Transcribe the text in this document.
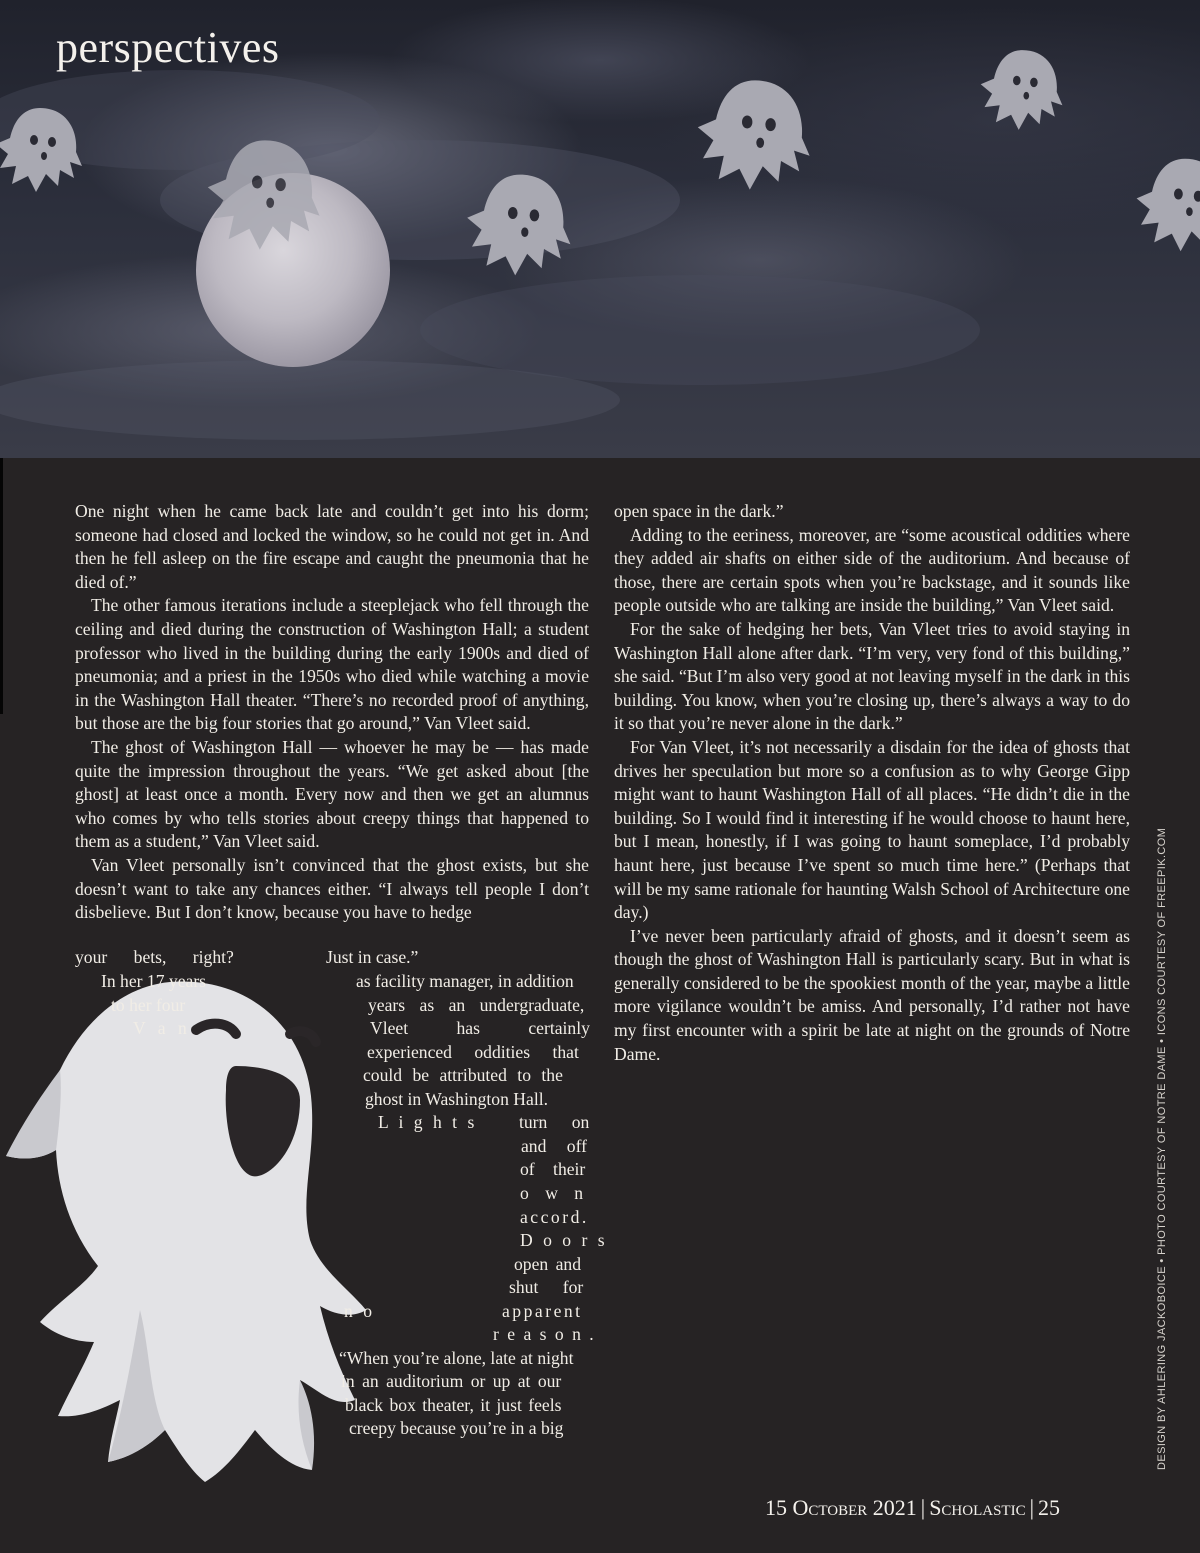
perspectives

One night when he came back late and couldn’t get into his dorm; someone had closed and locked the window, so he could not get in. And then he fell asleep on the fire escape and caught the pneumonia that he died of.”

The other famous iterations include a steeplejack who fell through the ceiling and died during the construction of Washington Hall; a student professor who lived in the building during the early 1900s and died of pneumonia; and a priest in the 1950s who died while watching a movie in the Washington Hall theater. “There’s no recorded proof of anything, but those are the big four stories that go around,” Van Vleet said.

The ghost of Washington Hall — whoever he may be — has made quite the impression throughout the years. “We get asked about [the ghost] at least once a month. Every now and then we get an alumnus who comes by who tells stories about creepy things that happened to them as a student,” Van Vleet said.

Van Vleet personally isn’t convinced that the ghost exists, but she doesn’t want to take any chances either. “I always tell people I don’t disbelieve. But I don’t know, because you have to hedge

your bets, right?	Just in case.”
In her 17 years	as facility manager, in addition
to her four	years as an undergraduate,
V a n	Vleet has certainly
experienced oddities that
could be attributed to the
ghost in Washington Hall.
L i g h t s turn on
and off
of their
o w n
accord.
D o o r s
open and
shut for
n o	apparent
r e a s o n .
“When you’re alone, late at night
in an auditorium or up at our
black box theater, it just feels
creepy because you’re in a big

open space in the dark.”

Adding to the eeriness, moreover, are “some acoustical oddities where they added air shafts on either side of the auditorium. And because of those, there are certain spots when you’re backstage, and it sounds like people outside who are talking are inside the building,” Van Vleet said.

For the sake of hedging her bets, Van Vleet tries to avoid staying in Washington Hall alone after dark. “I’m very, very fond of this building,” she said. “But I’m also very good at not leaving myself in the dark in this building. You know, when you’re closing up, there’s always a way to do it so that you’re never alone in the dark.”

For Van Vleet, it’s not necessarily a disdain for the idea of ghosts that drives her speculation but more so a confusion as to why George Gipp might want to haunt Washington Hall of all places. “He didn’t die in the building. So I would find it interesting if he would choose to haunt here, but I mean, honestly, if I was going to haunt someplace, I’d probably haunt here, just because I’ve spent so much time here.” (Perhaps that will be my same rationale for haunting Walsh School of Architecture one day.)

I’ve never been particularly afraid of ghosts, and it doesn’t seem as though the ghost of Washington Hall is particularly scary. But in what is generally considered to be the spookiest month of the year, maybe a little more vigilance wouldn’t be amiss. And personally, I’d rather not have my first encounter with a spirit be late at night on the grounds of Notre Dame.	DESIGN BY AHLERING JACKOBOICE • PHOTO COURTESY OF NOTRE DAME • ICONS COURTESY OF FREEPIK.COM
15 October 2021 | Scholastic | 25
